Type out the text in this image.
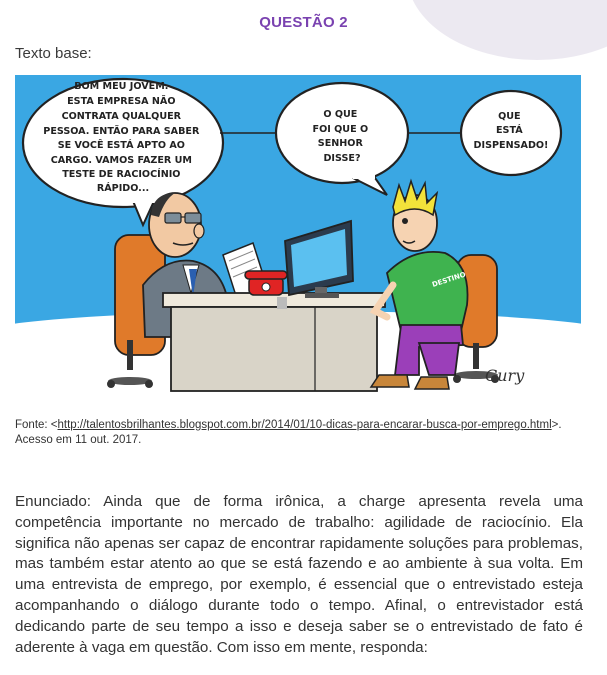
QUESTÃO 2
Texto base:
BOM MEU JOVEM. ESTA EMPRESA NÃO CONTRATA QUALQUER PESSOA. ENTÃO PARA SABER SE VOCÊ ESTÁ APTO AO CARGO. VAMOS FAZER UM TESTE DE RACIOCÍNIO RÁPIDO...
O QUE FOI QUE O SENHOR DISSE?
QUE ESTÁ DISPENSADO!
DESTINO
Cury
Fonte: <http://talentosbrilhantes.blogspot.com.br/2014/01/10-dicas-para-encarar-busca-por-emprego.html>. Acesso em 11 out. 2017.
Enunciado: Ainda que de forma irônica, a charge apresenta revela uma competência importante no mercado de trabalho: agilidade de raciocínio. Ela significa não apenas ser capaz de encontrar rapidamente soluções para problemas, mas também estar atento ao que se está fazendo e ao ambiente à sua volta. Em uma entrevista de emprego, por exemplo, é essencial que o entrevistado esteja acompanhando o diálogo durante todo o tempo. Afinal, o entrevistador está dedicando parte de seu tempo a isso e deseja saber se o entrevistado de fato é aderente à vaga em questão. Com isso em mente, responda:
